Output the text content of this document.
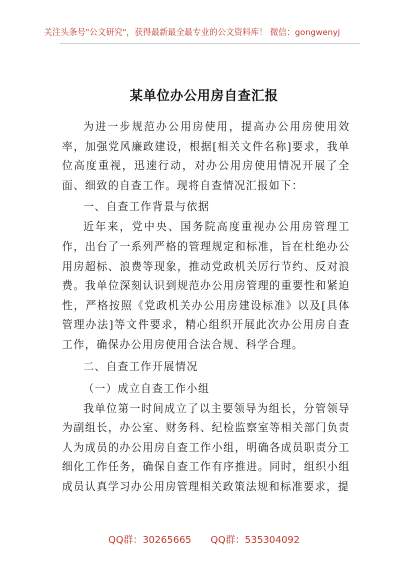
关注头条号"公文研究"，获得最新最全最专业的公文资料库！ 微信：gongwenyj
某单位办公用房自查汇报

为进一步规范办公用房使用，提高办公用房使用效率，加强党风廉政建设，根据[相关文件名称]要求，我单位高度重视，迅速行动，对办公用房使用情况开展了全面、细致的自查工作。现将自查情况汇报如下：

一、自查工作背景与依据

近年来，党中央、国务院高度重视办公用房管理工作，出台了一系列严格的管理规定和标准，旨在杜绝办公用房超标、浪费等现象，推动党政机关厉行节约、反对浪费。我单位深刻认识到规范办公用房管理的重要性和紧迫性，严格按照《党政机关办公用房建设标准》以及[具体管理办法]等文件要求，精心组织开展此次办公用房自查工作，确保办公用房使用合法合规、科学合理。

二、自查工作开展情况

（一）成立自查工作小组

我单位第一时间成立了以主要领导为组长，分管领导为副组长，办公室、财务科、纪检监察室等相关部门负责人为成员的办公用房自查工作小组，明确各成员职责分工细化工作任务，确保自查工作有序推进。同时，组织小组成员认真学习办公用房管理相关政策法规和标准要求，提

QQ群：30265665 QQ群：535304092
